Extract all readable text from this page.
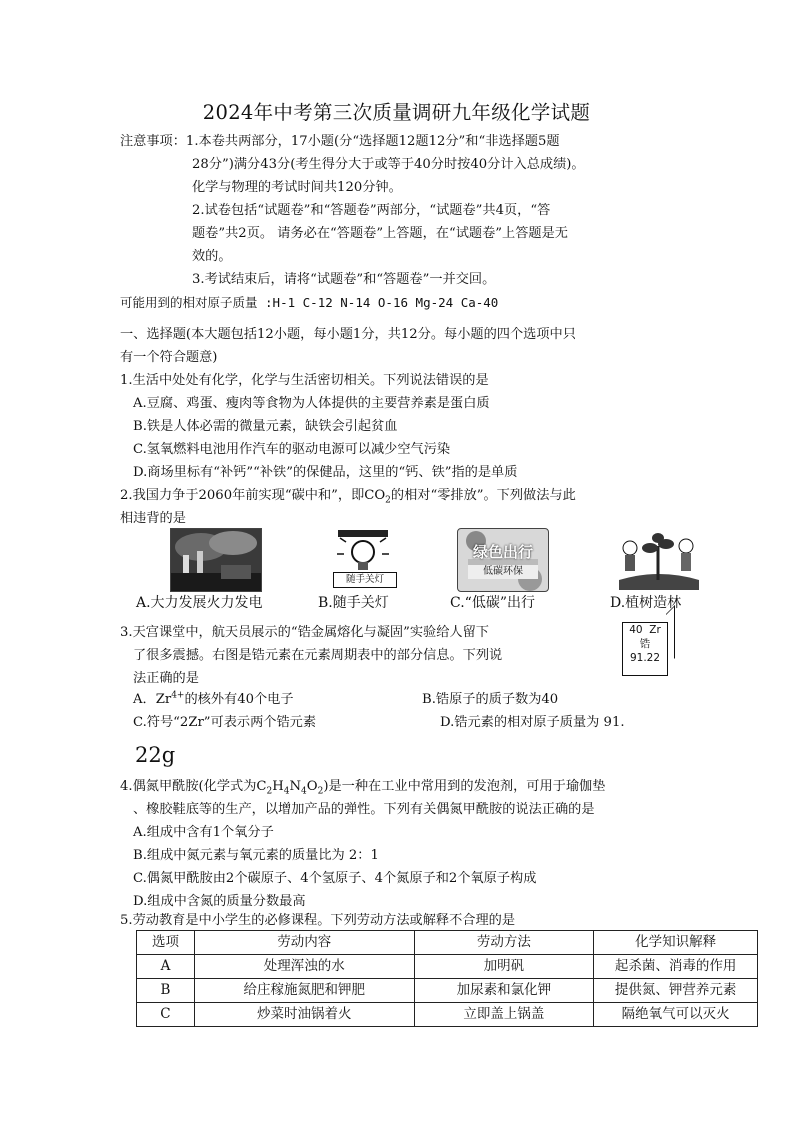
2024年中考第三次质量调研九年级化学试题
注意事项：1.本卷共两部分，17小题(分“选择题12题12分”和“非选择题5题
28分”)满分43分(考生得分大于或等于40分时按40分计入总成绩)。
化学与物理的考试时间共120分钟。
2.试卷包括“试题卷”和“答题卷”两部分，“试题卷”共4页，“答
题卷”共2页。 请务必在“答题卷”上答题，在“试题卷”上答题是无
效的。
3.考试结束后，请将“试题卷”和“答题卷”一并交回。
可能用到的相对原子质量 :H-1 C-12 N-14 O-16 Mg-24 Ca-40
一、选择题(本大题包括12小题，每小题1分，共12分。每小题的四个选项中只
有一个符合题意)
1.生活中处处有化学，化学与生活密切相关。下列说法错误的是
A.豆腐、鸡蛋、瘦肉等食物为人体提供的主要营养素是蛋白质
B.铁是人体必需的微量元素，缺铁会引起贫血
C.氢氧燃料电池用作汽车的驱动电源可以减少空气污染
D.商场里标有“补钙”“补铁”的保健品，这里的“钙、铁”指的是单质
2.我国力争于2060年前实现“碳中和”，即$CO_2$的相对“零排放”。下列做法与此
相违背的是
随手关灯
绿色出行
低碳环保
A.大力发展火力发电	B.随手关灯	C.“低碳”出行	D.植树造林
3.天宫课堂中，航天员展示的“锆金属熔化与凝固”实验给人留下
了很多震撼。右图是锆元素在元素周期表中的部分信息。下列说
法正确的是
40 Zr
锆
91.22
A．$Zr^{4+}$的核外有40个电子	B.锆原子的质子数为40
C.符号“2Zr”可表示两个锆元素	D.锆元素的相对原子质量为 91.
22g
4.偶氮甲酰胺(化学式为$C_2H_4N_4O_2$)是一种在工业中常用到的发泡剂，可用于瑜伽垫
、橡胶鞋底等的生产，以增加产品的弹性。下列有关偶氮甲酰胺的说法正确的是
A.组成中含有1个氧分子
B.组成中氮元素与氧元素的质量比为 2：1
C.偶氮甲酰胺由2个碳原子、4个氢原子、4个氮原子和2个氧原子构成
D.组成中含氮的质量分数最高
5.劳动教育是中小学生的必修课程。下列劳动方法或解释不合理的是
选项	劳动内容	劳动方法	化学知识解释
A	处理浑浊的水	加明矾	起杀菌、消毒的作用
B	给庄稼施氮肥和钾肥	加尿素和氯化钾	提供氮、钾营养元素
C	炒菜时油锅着火	立即盖上锅盖	隔绝氧气可以灭火
